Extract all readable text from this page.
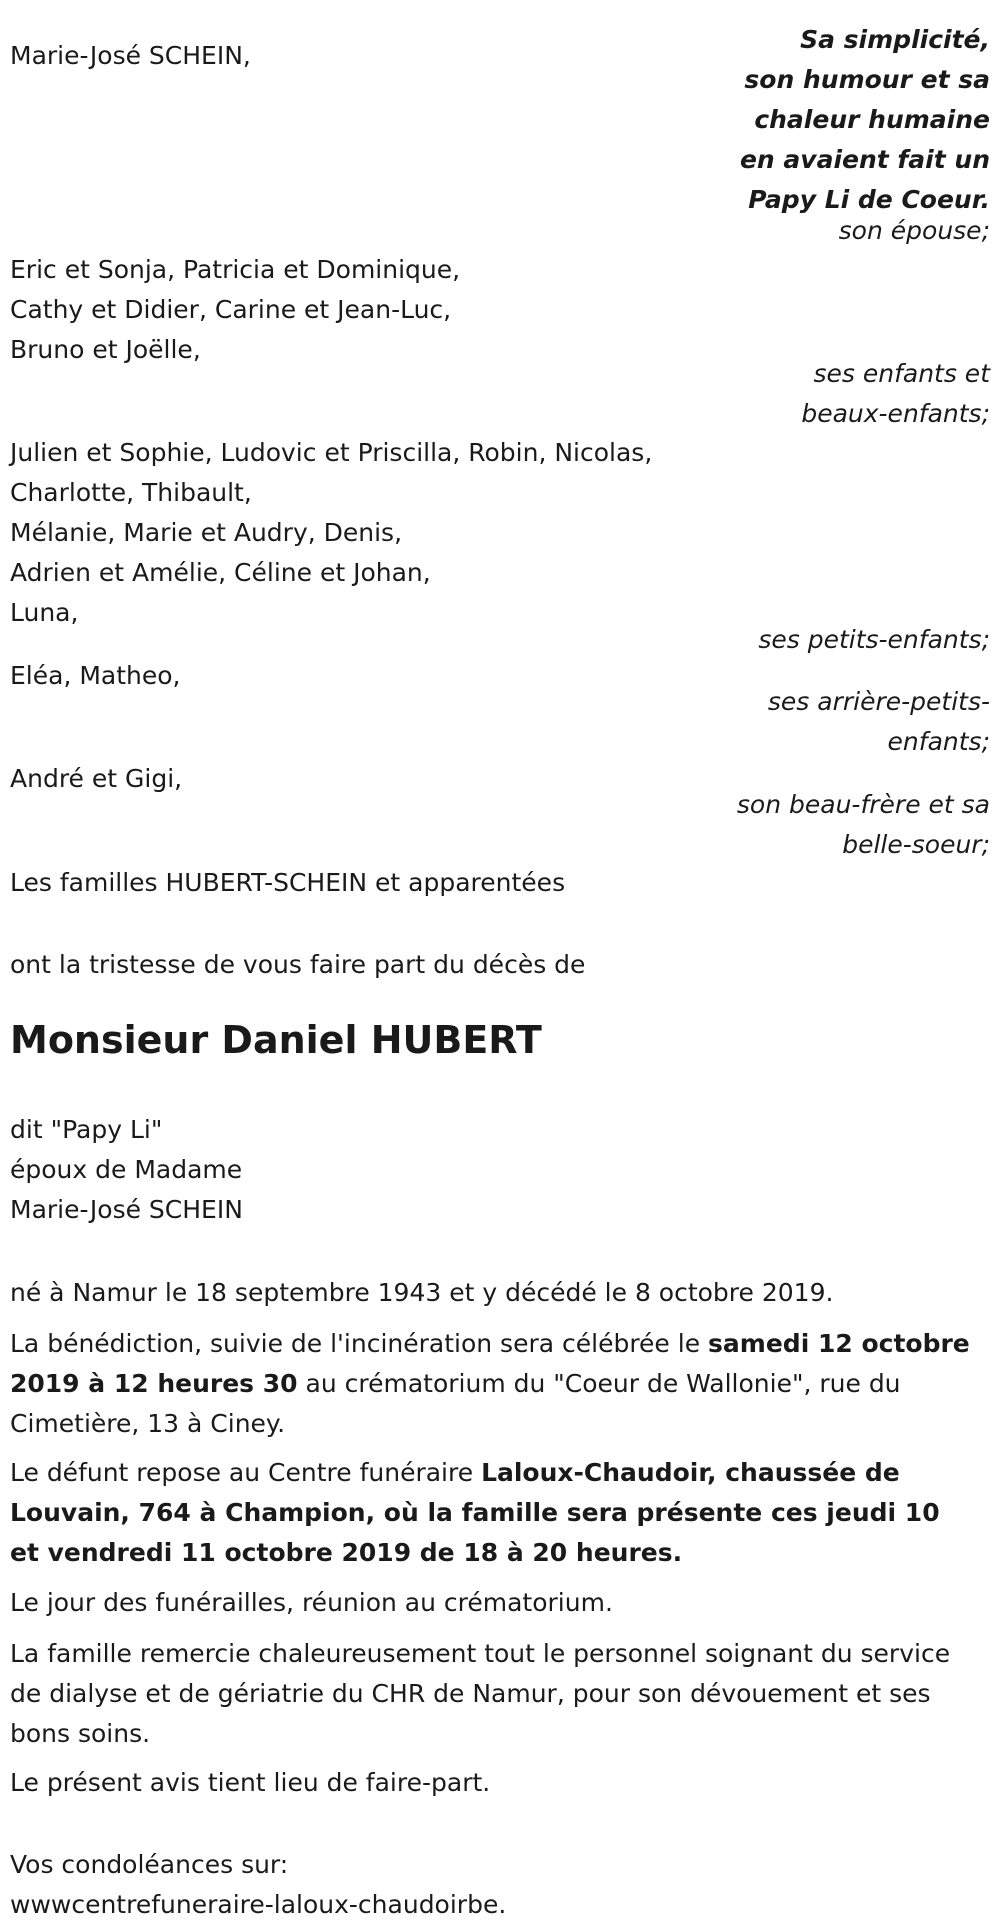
Sa simplicité,
son humour et sa
chaleur humaine
en avaient fait un
Papy Li de Coeur.
Marie-José SCHEIN,
son épouse;
Eric et Sonja, Patricia et Dominique,
Cathy et Didier, Carine et Jean-Luc,
Bruno et Joëlle,
ses enfants et
beaux-enfants;
Julien et Sophie, Ludovic et Priscilla, Robin, Nicolas,
Charlotte, Thibault,
Mélanie, Marie et Audry, Denis,
Adrien et Amélie, Céline et Johan,
Luna,
ses petits-enfants;
Eléa, Matheo,
ses arrière-petits-
enfants;
André et Gigi,
son beau-frère et sa
belle-soeur;

Les familles HUBERT-SCHEIN et apparentées

ont la tristesse de vous faire part du décès de

Monsieur Daniel HUBERT
dit "Papy Li"
époux de Madame
Marie-José SCHEIN

né à Namur le 18 septembre 1943 et y décédé le 8 octobre 2019.

La bénédiction, suivie de l'incinération sera célébrée le samedi 12 octobre 2019 à 12 heures 30 au crématorium du "Coeur de Wallonie", rue du Cimetière, 13 à Ciney.

Le défunt repose au Centre funéraire Laloux-Chaudoir, chaussée de Louvain, 764 à Champion, où la famille sera présente ces jeudi 10 et vendredi 11 octobre 2019 de 18 à 20 heures.

Le jour des funérailles, réunion au crématorium.

La famille remercie chaleureusement tout le personnel soignant du service de dialyse et de gériatrie du CHR de Namur, pour son dévouement et ses bons soins.

Le présent avis tient lieu de faire-part.

Vos condoléances sur:
wwwcentrefuneraire-laloux-chaudoirbe.
